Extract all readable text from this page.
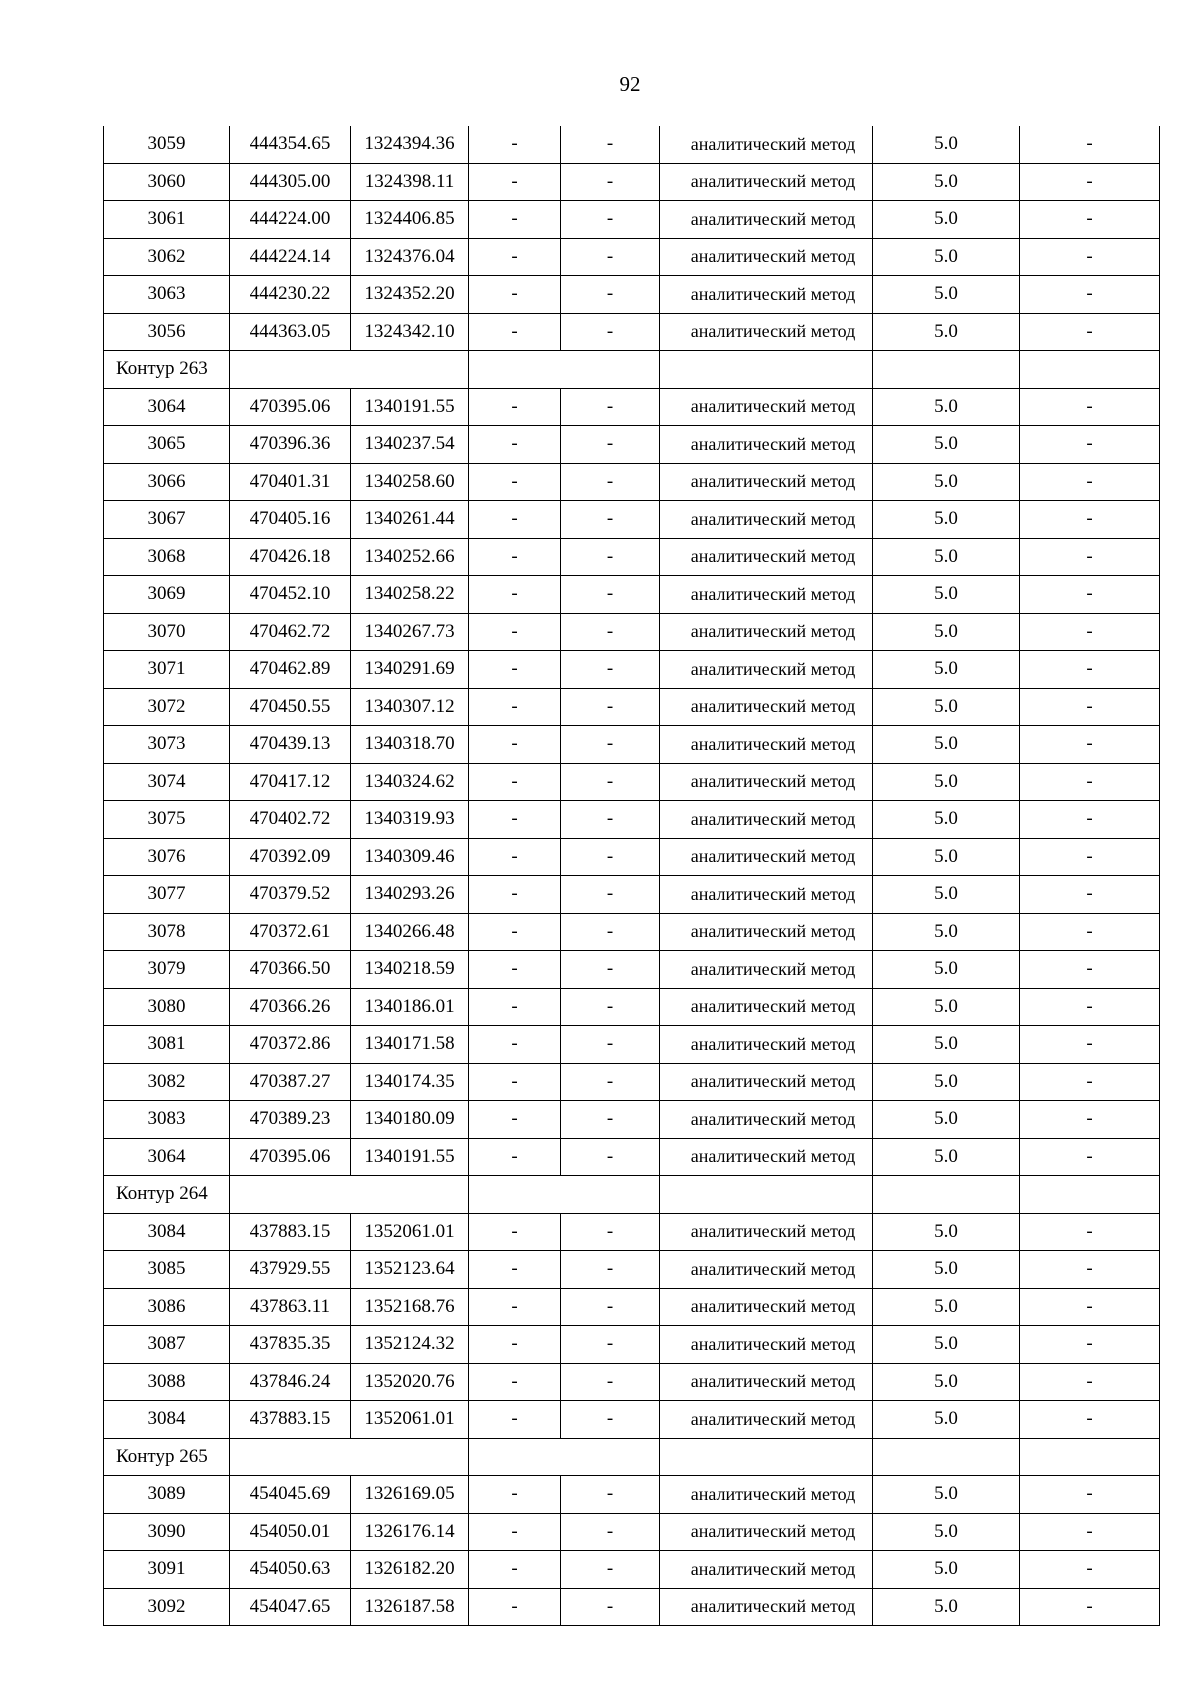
92
3059	444354.65	1324394.36	-	-	аналитический метод	5.0	-
3060	444305.00	1324398.11	-	-	аналитический метод	5.0	-
3061	444224.00	1324406.85	-	-	аналитический метод	5.0	-
3062	444224.14	1324376.04	-	-	аналитический метод	5.0	-
3063	444230.22	1324352.20	-	-	аналитический метод	5.0	-
3056	444363.05	1324342.10	-	-	аналитический метод	5.0	-
Контур 263							
3064	470395.06	1340191.55	-	-	аналитический метод	5.0	-
3065	470396.36	1340237.54	-	-	аналитический метод	5.0	-
3066	470401.31	1340258.60	-	-	аналитический метод	5.0	-
3067	470405.16	1340261.44	-	-	аналитический метод	5.0	-
3068	470426.18	1340252.66	-	-	аналитический метод	5.0	-
3069	470452.10	1340258.22	-	-	аналитический метод	5.0	-
3070	470462.72	1340267.73	-	-	аналитический метод	5.0	-
3071	470462.89	1340291.69	-	-	аналитический метод	5.0	-
3072	470450.55	1340307.12	-	-	аналитический метод	5.0	-
3073	470439.13	1340318.70	-	-	аналитический метод	5.0	-
3074	470417.12	1340324.62	-	-	аналитический метод	5.0	-
3075	470402.72	1340319.93	-	-	аналитический метод	5.0	-
3076	470392.09	1340309.46	-	-	аналитический метод	5.0	-
3077	470379.52	1340293.26	-	-	аналитический метод	5.0	-
3078	470372.61	1340266.48	-	-	аналитический метод	5.0	-
3079	470366.50	1340218.59	-	-	аналитический метод	5.0	-
3080	470366.26	1340186.01	-	-	аналитический метод	5.0	-
3081	470372.86	1340171.58	-	-	аналитический метод	5.0	-
3082	470387.27	1340174.35	-	-	аналитический метод	5.0	-
3083	470389.23	1340180.09	-	-	аналитический метод	5.0	-
3064	470395.06	1340191.55	-	-	аналитический метод	5.0	-
Контур 264							
3084	437883.15	1352061.01	-	-	аналитический метод	5.0	-
3085	437929.55	1352123.64	-	-	аналитический метод	5.0	-
3086	437863.11	1352168.76	-	-	аналитический метод	5.0	-
3087	437835.35	1352124.32	-	-	аналитический метод	5.0	-
3088	437846.24	1352020.76	-	-	аналитический метод	5.0	-
3084	437883.15	1352061.01	-	-	аналитический метод	5.0	-
Контур 265							
3089	454045.69	1326169.05	-	-	аналитический метод	5.0	-
3090	454050.01	1326176.14	-	-	аналитический метод	5.0	-
3091	454050.63	1326182.20	-	-	аналитический метод	5.0	-
3092	454047.65	1326187.58	-	-	аналитический метод	5.0	-
